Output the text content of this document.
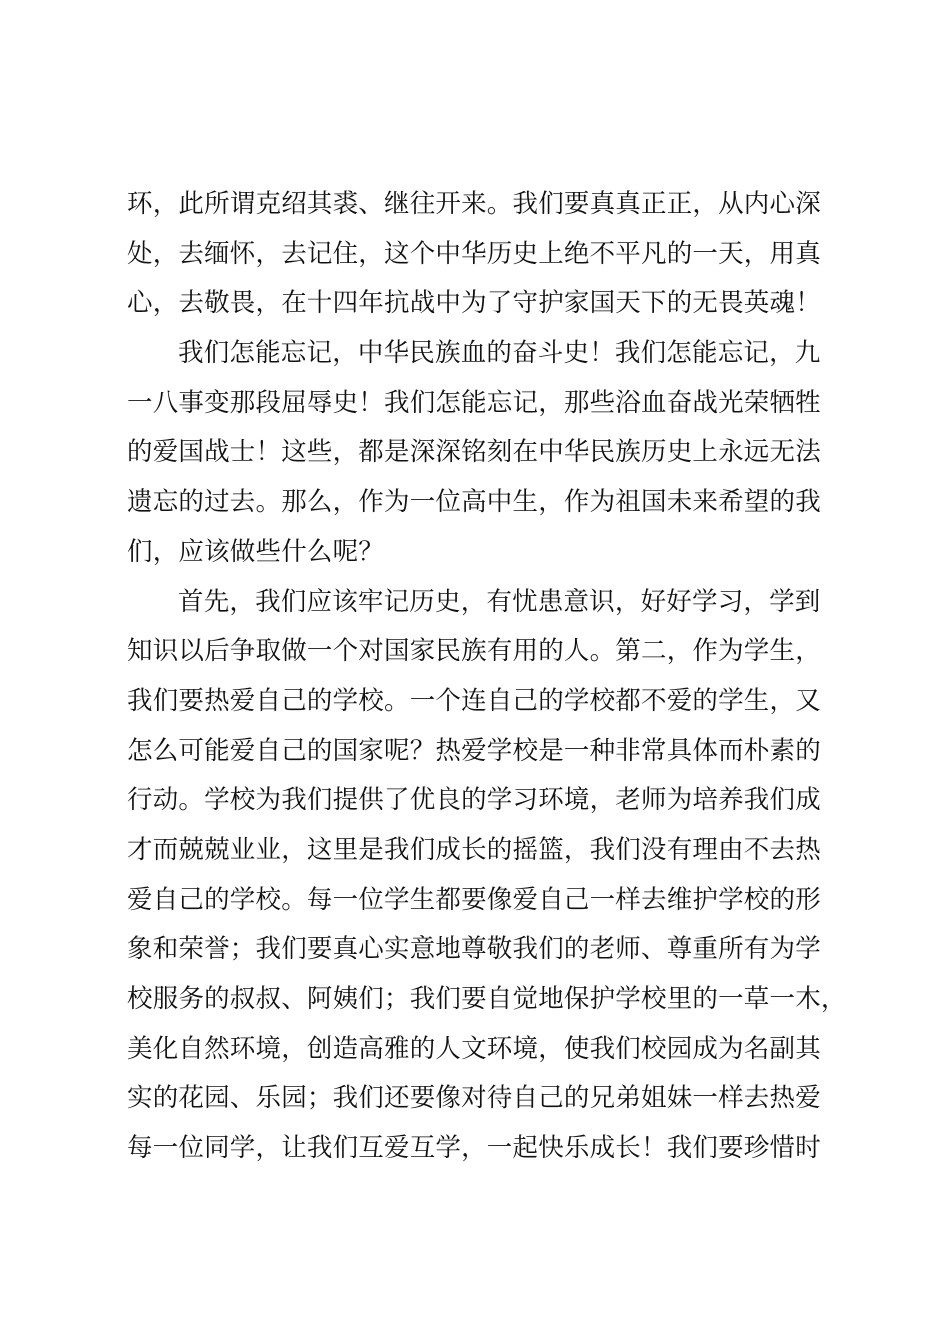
环，此所谓克绍其裘、继往开来。我们要真真正正，从内心深
处，去缅怀，去记住，这个中华历史上绝不平凡的一天，用真
心，去敬畏，在十四年抗战中为了守护家国天下的无畏英魂！
我们怎能忘记，中华民族血的奋斗史！我们怎能忘记，九
一八事变那段屈辱史！我们怎能忘记，那些浴血奋战光荣牺牲
的爱国战士！这些，都是深深铭刻在中华民族历史上永远无法
遗忘的过去。那么，作为一位高中生，作为祖国未来希望的我
们，应该做些什么呢？
首先，我们应该牢记历史，有忧患意识，好好学习，学到
知识以后争取做一个对国家民族有用的人。第二，作为学生，
我们要热爱自己的学校。一个连自己的学校都不爱的学生，又
怎么可能爱自己的国家呢？热爱学校是一种非常具体而朴素的
行动。学校为我们提供了优良的学习环境，老师为培养我们成
才而兢兢业业，这里是我们成长的摇篮，我们没有理由不去热
爱自己的学校。每一位学生都要像爱自己一样去维护学校的形
象和荣誉；我们要真心实意地尊敬我们的老师、尊重所有为学
校服务的叔叔、阿姨们；我们要自觉地保护学校里的一草一木，
美化自然环境，创造高雅的人文环境，使我们校园成为名副其
实的花园、乐园；我们还要像对待自己的兄弟姐妹一样去热爱
每一位同学，让我们互爱互学，一起快乐成长！我们要珍惜时
